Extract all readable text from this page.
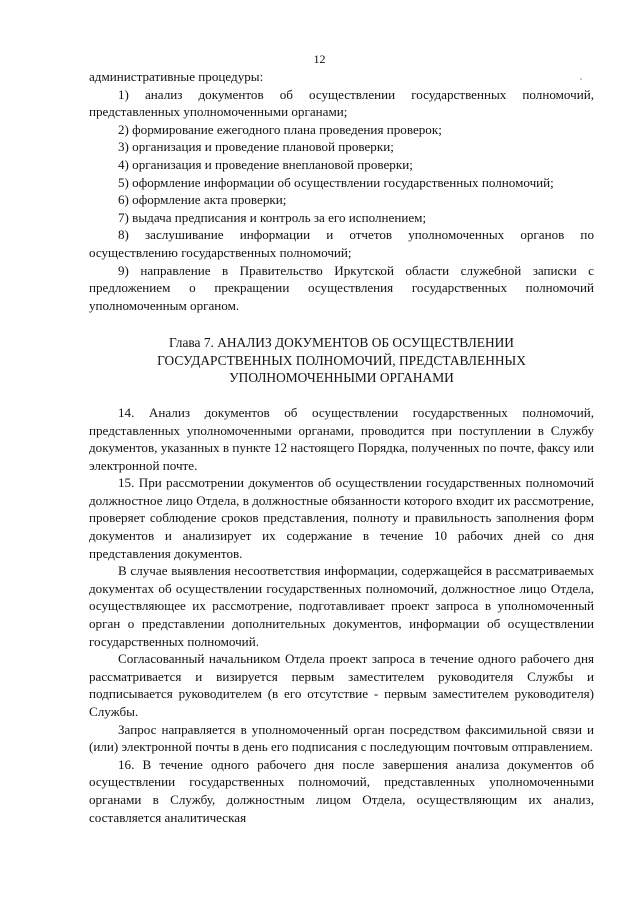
12

административные процедуры:

1) анализ документов об осуществлении государственных полномочий, представленных уполномоченными органами;

2) формирование ежегодного плана проведения проверок;

3) организация и проведение плановой проверки;

4) организация и проведение внеплановой проверки;

5) оформление информации об осуществлении государственных полномочий;

6) оформление акта проверки;

7) выдача предписания и контроль за его исполнением;

8) заслушивание информации и отчетов уполномоченных органов по осуществлению государственных полномочий;

9) направление в Правительство Иркутской области служебной записки с предложением о прекращении осуществления государственных полномочий уполномоченным органом.

Глава 7. АНАЛИЗ ДОКУМЕНТОВ ОБ ОСУЩЕСТВЛЕНИИ

ГОСУДАРСТВЕННЫХ ПОЛНОМОЧИЙ, ПРЕДСТАВЛЕННЫХ

УПОЛНОМОЧЕННЫМИ ОРГАНАМИ

14. Анализ документов об осуществлении государственных полномочий, представленных уполномоченными органами, проводится при поступлении в Службу документов, указанных в пункте 12 настоящего Порядка, полученных по почте, факсу или электронной почте.

15. При рассмотрении документов об осуществлении государственных полномочий должностное лицо Отдела, в должностные обязанности которого входит их рассмотрение, проверяет соблюдение сроков представления, полноту и правильность заполнения форм документов и анализирует их содержание в течение 10 рабочих дней со дня представления документов.

В случае выявления несоответствия информации, содержащейся в рассматриваемых документах об осуществлении государственных полномочий, должностное лицо Отдела, осуществляющее их рассмотрение, подготавливает проект запроса в уполномоченный орган о представлении дополнительных документов, информации об осуществлении государственных полномочий.

Согласованный начальником Отдела проект запроса в течение одного рабочего дня рассматривается и визируется первым заместителем руководителя Службы и подписывается руководителем (в его отсутствие - первым заместителем руководителя) Службы.

Запрос направляется в уполномоченный орган посредством факсимильной связи и (или) электронной почты в день его подписания с последующим почтовым отправлением.

16. В течение одного рабочего дня после завершения анализа документов об осуществлении государственных полномочий, представленных уполномоченными органами в Службу, должностным лицом Отдела, осуществляющим их анализ, составляется аналитическая
